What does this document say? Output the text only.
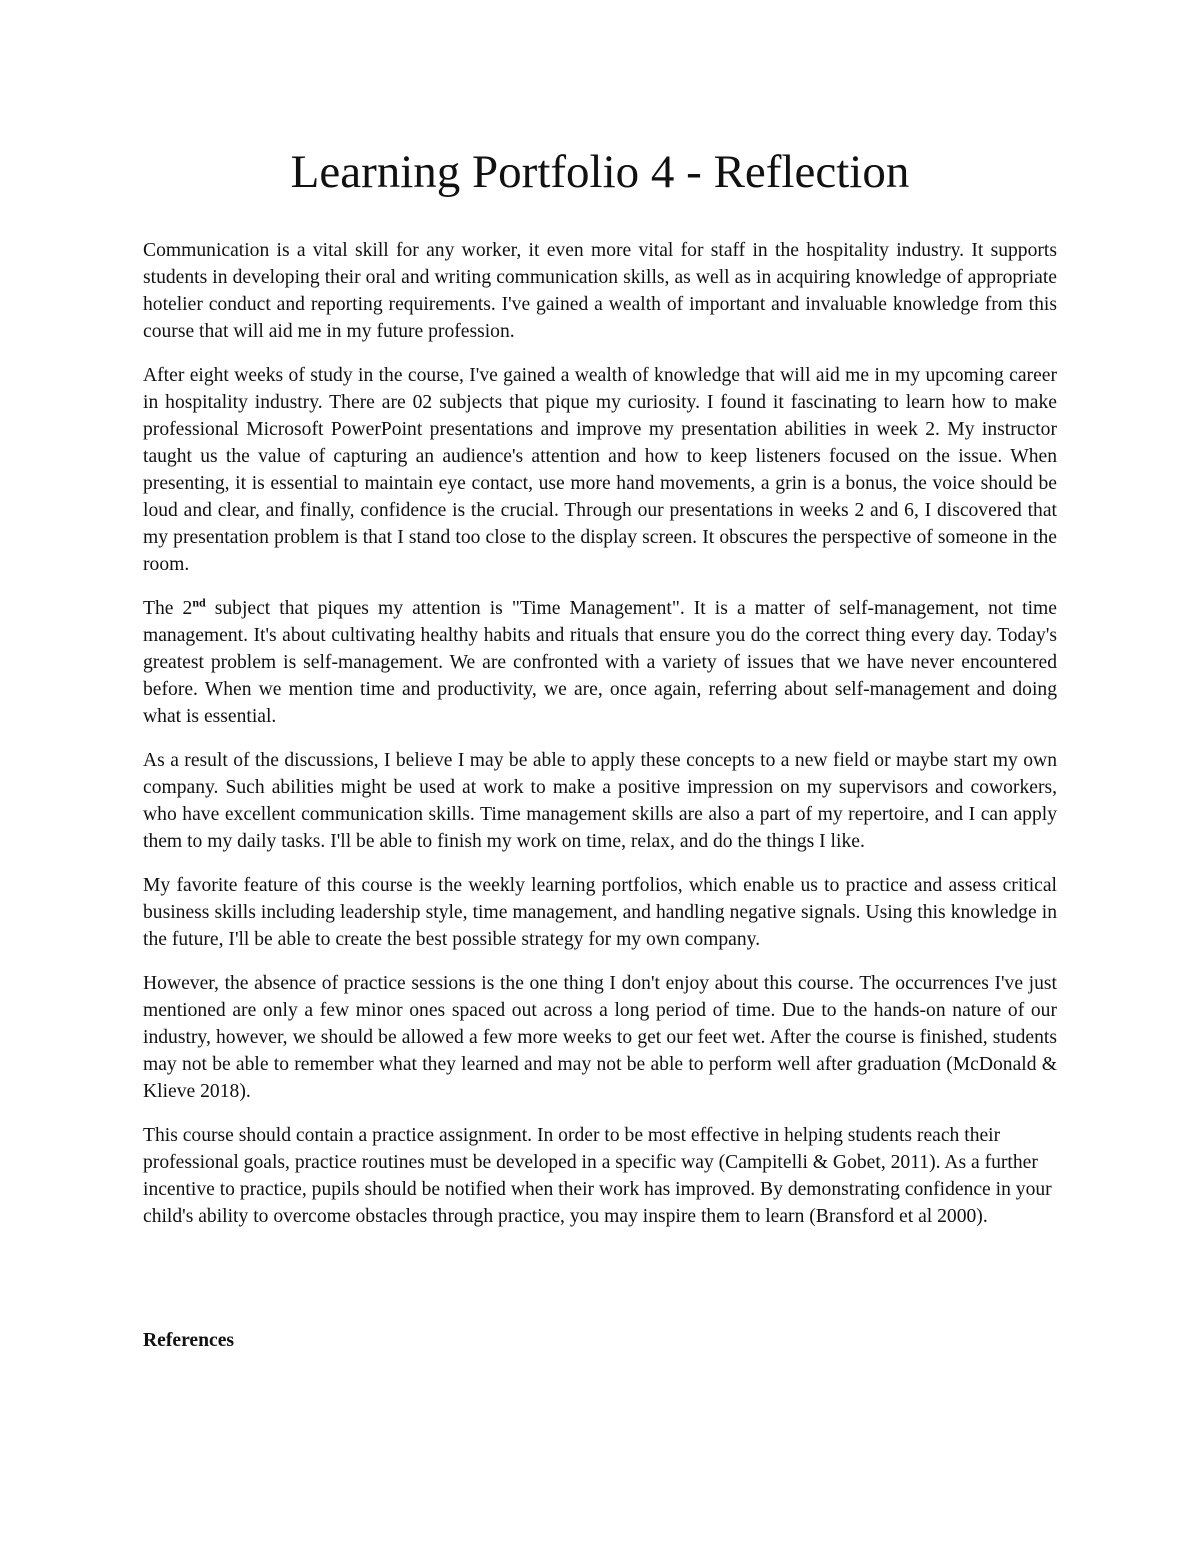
Learning Portfolio 4 - Reflection

Communication is a vital skill for any worker, it even more vital for staff in the hospitality industry. It supports students in developing their oral and writing communication skills, as well as in acquiring knowledge of appropriate hotelier conduct and reporting requirements. I've gained a wealth of important and invaluable knowledge from this course that will aid me in my future profession.

After eight weeks of study in the course, I've gained a wealth of knowledge that will aid me in my upcoming career in hospitality industry. There are 02 subjects that pique my curiosity. I found it fascinating to learn how to make professional Microsoft PowerPoint presentations and improve my presentation abilities in week 2. My instructor taught us the value of capturing an audience's attention and how to keep listeners focused on the issue. When presenting, it is essential to maintain eye contact, use more hand movements, a grin is a bonus, the voice should be loud and clear, and finally, confidence is the crucial. Through our presentations in weeks 2 and 6, I discovered that my presentation problem is that I stand too close to the display screen. It obscures the perspective of someone in the room.

The 2nd subject that piques my attention is "Time Management". It is a matter of self-management, not time management. It's about cultivating healthy habits and rituals that ensure you do the correct thing every day. Today's greatest problem is self-management. We are confronted with a variety of issues that we have never encountered before. When we mention time and productivity, we are, once again, referring about self-management and doing what is essential.

As a result of the discussions, I believe I may be able to apply these concepts to a new field or maybe start my own company. Such abilities might be used at work to make a positive impression on my supervisors and coworkers, who have excellent communication skills. Time management skills are also a part of my repertoire, and I can apply them to my daily tasks. I'll be able to finish my work on time, relax, and do the things I like.

My favorite feature of this course is the weekly learning portfolios, which enable us to practice and assess critical business skills including leadership style, time management, and handling negative signals. Using this knowledge in the future, I'll be able to create the best possible strategy for my own company.

However, the absence of practice sessions is the one thing I don't enjoy about this course. The occurrences I've just mentioned are only a few minor ones spaced out across a long period of time. Due to the hands-on nature of our industry, however, we should be allowed a few more weeks to get our feet wet. After the course is finished, students may not be able to remember what they learned and may not be able to perform well after graduation (McDonald & Klieve 2018).

This course should contain a practice assignment. In order to be most effective in helping students reach their professional goals, practice routines must be developed in a specific way (Campitelli & Gobet, 2011). As a further incentive to practice, pupils should be notified when their work has improved. By demonstrating confidence in your child's ability to overcome obstacles through practice, you may inspire them to learn (Bransford et al 2000).

References
